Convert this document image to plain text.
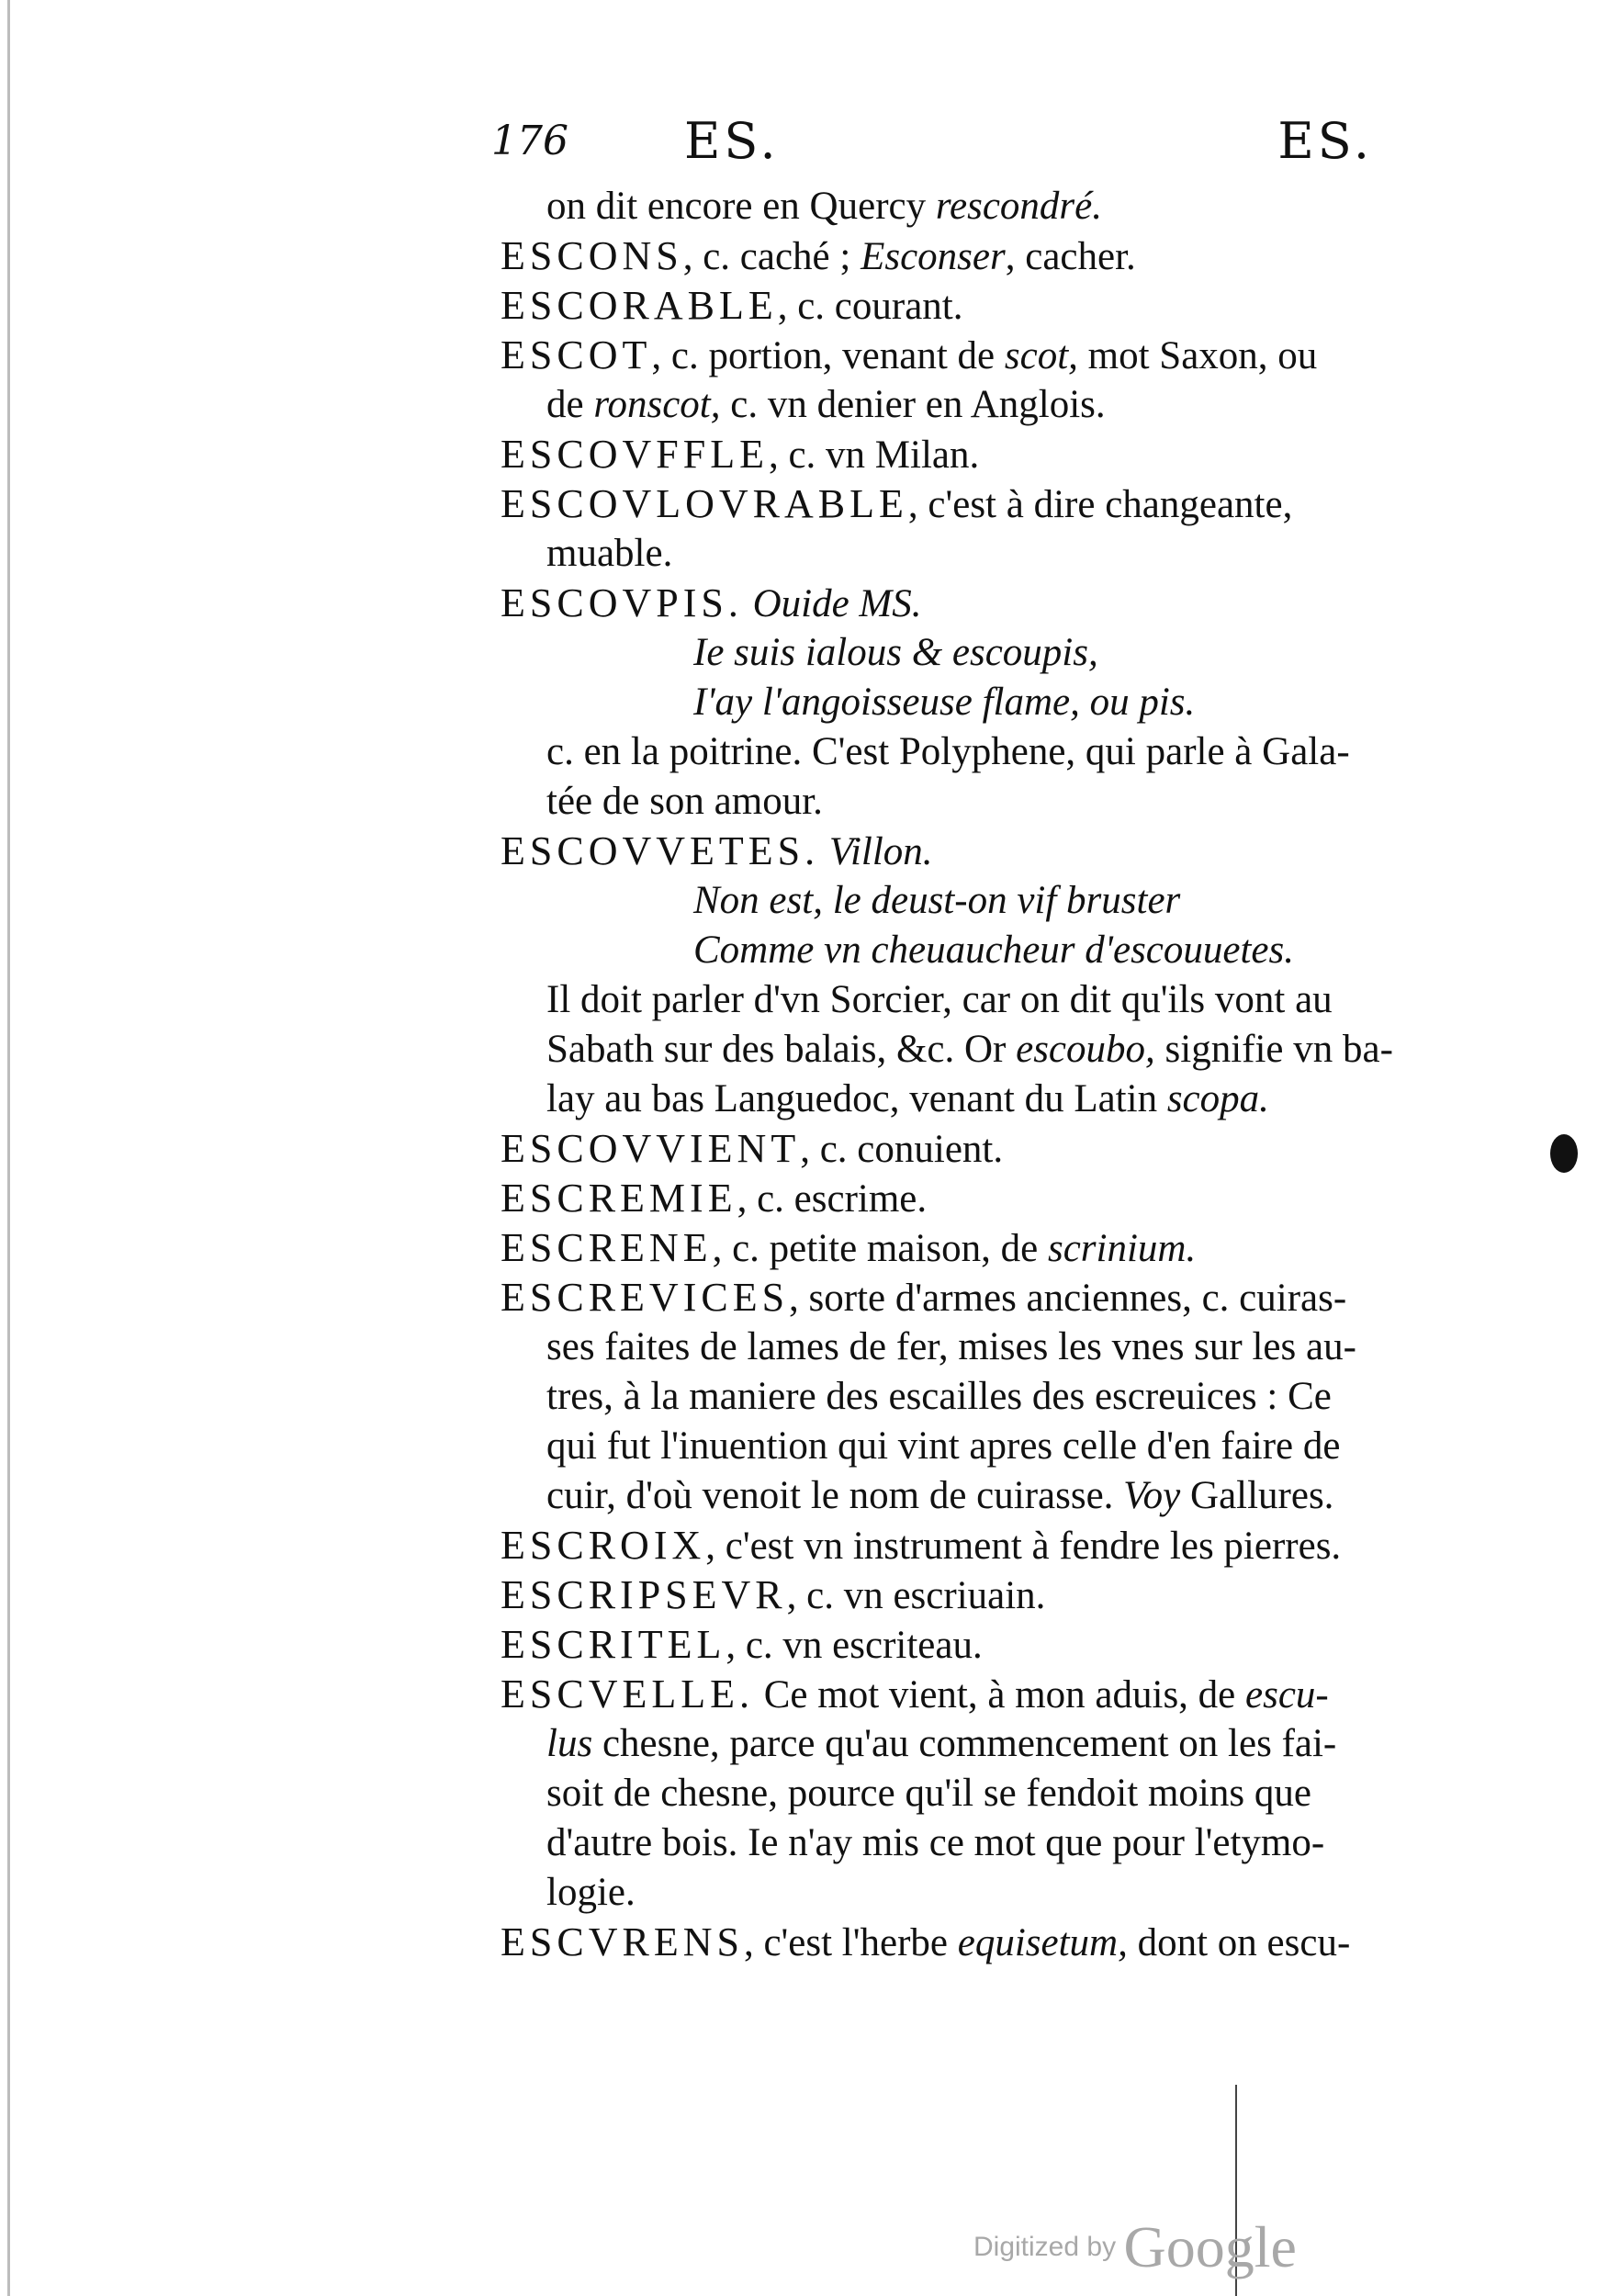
176 ES.	ES.
on dit encore en Quercy rescondré.
ESCONS, c. caché ; Esconser, cacher.
ESCORABLE, c. courant.
ESCOT, c. portion, venant de scot, mot Saxon, ou
de ronscot, c. vn denier en Anglois.
ESCOVFFLE, c. vn Milan.
ESCOVLOVRABLE, c'est à dire changeante,
muable.
ESCOVPIS. Ouide MS.
Ie suis ialous & escoupis,
I'ay l'angoisseuse flame, ou pis.
c. en la poitrine. C'est Polyphene, qui parle à Gala-
tée de son amour.
ESCOVVETES. Villon.
Non est, le deust-on vif bruster
Comme vn cheuaucheur d'escouuetes.
Il doit parler d'vn Sorcier, car on dit qu'ils vont au
Sabath sur des balais, &c. Or escoubo, signifie vn ba-
lay au bas Languedoc, venant du Latin scopa.
ESCOVVIENT, c. conuient.
ESCREMIE, c. escrime.
ESCRENE, c. petite maison, de scrinium.
ESCREVICES, sorte d'armes anciennes, c. cuiras-
ses faites de lames de fer, mises les vnes sur les au-
tres, à la maniere des escailles des escreuices : Ce
qui fut l'inuention qui vint apres celle d'en faire de
cuir, d'où venoit le nom de cuirasse. Voy Gallures.
ESCROIX, c'est vn instrument à fendre les pierres.
ESCRIPSEVR, c. vn escriuain.
ESCRITEL, c. vn escriteau.
ESCVELLE. Ce mot vient, à mon aduis, de escu-
lus chesne, parce qu'au commencement on les fai-
soit de chesne, pource qu'il se fendoit moins que
d'autre bois. Ie n'ay mis ce mot que pour l'etymo-
logie.
ESCVRENS, c'est l'herbe equisetum, dont on escu-
Digitized by Google
